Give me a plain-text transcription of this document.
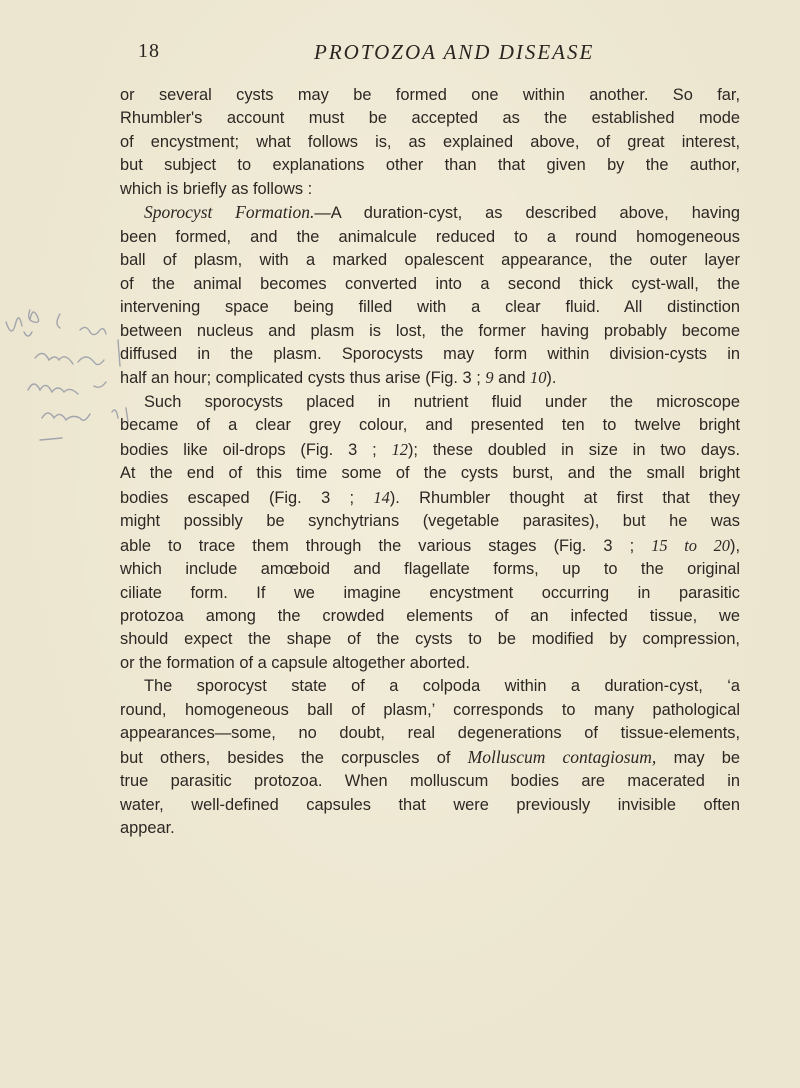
18	PROTOZOA AND DISEASE

or several cysts may be formed one within another. So far,

Rhumbler's account must be accepted as the established mode

of encystment; what follows is, as explained above, of great interest,

but subject to explanations other than that given by the author,

which is briefly as follows :

Sporocyst Formation.—A duration-cyst, as described above, having

been formed, and the animalcule reduced to a round homogeneous

ball of plasm, with a marked opalescent appearance, the outer layer

of the animal becomes converted into a second thick cyst-wall, the

intervening space being filled with a clear fluid. All distinction

between nucleus and plasm is lost, the former having probably become

diffused in the plasm. Sporocysts may form within division-cysts in

half an hour; complicated cysts thus arise (Fig. 3 ; 9 and 10).

Such sporocysts placed in nutrient fluid under the microscope

became of a clear grey colour, and presented ten to twelve bright

bodies like oil-drops (Fig. 3 ; 12); these doubled in size in two days.

At the end of this time some of the cysts burst, and the small bright

bodies escaped (Fig. 3 ; 14). Rhumbler thought at first that they

might possibly be synchytrians (vegetable parasites), but he was

able to trace them through the various stages (Fig. 3 ; 15 to 20),

which include amœboid and flagellate forms, up to the original

ciliate form. If we imagine encystment occurring in parasitic

protozoa among the crowded elements of an infected tissue, we

should expect the shape of the cysts to be modified by compression,

or the formation of a capsule altogether aborted.

The sporocyst state of a colpoda within a duration-cyst, ‘a

round, homogeneous ball of plasm,’ corresponds to many pathological

appearances—some, no doubt, real degenerations of tissue-elements,

but others, besides the corpuscles of Molluscum contagiosum, may be

true parasitic protozoa. When molluscum bodies are macerated in

water, well-defined capsules that were previously invisible often

appear.
